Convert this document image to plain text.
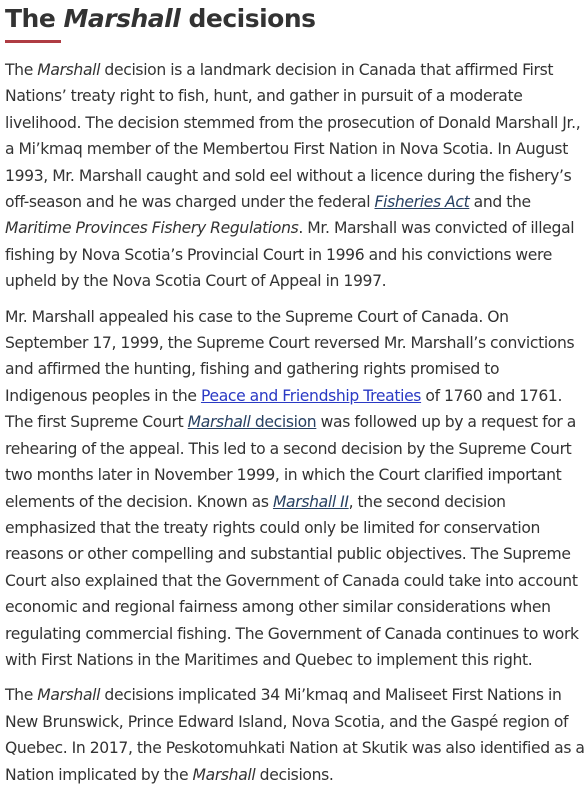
The Marshall decisions

The Marshall decision is a landmark decision in Canada that affirmed First Nations’ treaty right to fish, hunt, and gather in pursuit of a moderate livelihood. The decision stemmed from the prosecution of Donald Marshall Jr., a Mi’kmaq member of the Membertou First Nation in Nova Scotia. In August 1993, Mr. Marshall caught and sold eel without a licence during the fishery’s off-season and he was charged under the federal Fisheries Act and the Maritime Provinces Fishery Regulations. Mr. Marshall was convicted of illegal fishing by Nova Scotia’s Provincial Court in 1996 and his convictions were upheld by the Nova Scotia Court of Appeal in 1997.

Mr. Marshall appealed his case to the Supreme Court of Canada. On September 17, 1999, the Supreme Court reversed Mr. Marshall’s convictions and affirmed the hunting, fishing and gathering rights promised to Indigenous peoples in the Peace and Friendship Treaties of 1760 and 1761. The first Supreme Court Marshall decision was followed up by a request for a rehearing of the appeal. This led to a second decision by the Supreme Court two months later in November 1999, in which the Court clarified important elements of the decision. Known as Marshall II, the second decision emphasized that the treaty rights could only be limited for conservation reasons or other compelling and substantial public objectives. The Supreme Court also explained that the Government of Canada could take into account economic and regional fairness among other similar considerations when regulating commercial fishing. The Government of Canada continues to work with First Nations in the Maritimes and Quebec to implement this right.

The Marshall decisions implicated 34 Mi’kmaq and Maliseet First Nations in New Brunswick, Prince Edward Island, Nova Scotia, and the Gaspé region of Quebec. In 2017, the Peskotomuhkati Nation at Skutik was also identified as a Nation implicated by the Marshall decisions.
